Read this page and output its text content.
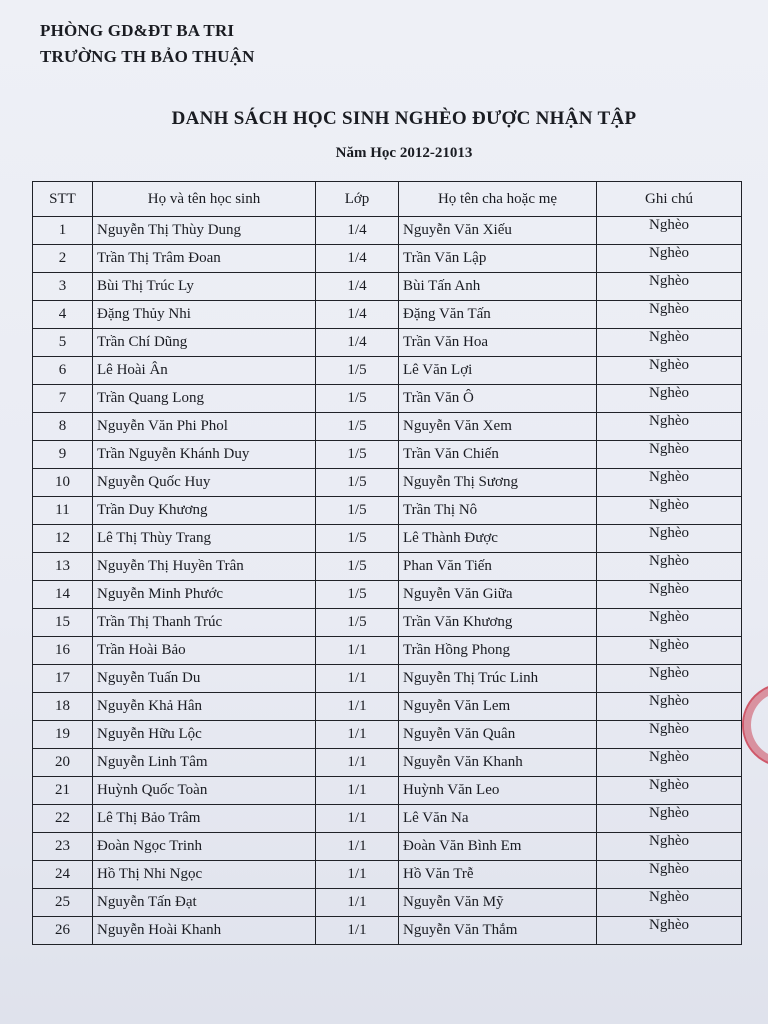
PHÒNG GD&ĐT BA TRI
TRƯỜNG TH BẢO THUẬN
DANH SÁCH HỌC SINH NGHÈO ĐƯỢC NHẬN TẬP
Năm Học 2012-21013
STT	Họ và tên học sinh	Lớp	Họ tên cha hoặc mẹ	Ghi chú
1	Nguyễn Thị Thùy Dung	1/4	Nguyễn Văn Xiếu	Nghèo
2	Trần Thị Trâm Đoan	1/4	Trần Văn Lập	Nghèo
3	Bùi Thị Trúc Ly	1/4	Bùi Tấn Anh	Nghèo
4	Đặng Thủy Nhi	1/4	Đặng Văn Tấn	Nghèo
5	Trần Chí Dũng	1/4	Trần Văn Hoa	Nghèo
6	Lê Hoài Ân	1/5	Lê Văn Lợi	Nghèo
7	Trần Quang Long	1/5	Trần Văn Ô	Nghèo
8	Nguyễn Văn Phi Phol	1/5	Nguyễn Văn Xem	Nghèo
9	Trần Nguyễn Khánh Duy	1/5	Trần Văn Chiến	Nghèo
10	Nguyễn Quốc Huy	1/5	Nguyễn Thị Sương	Nghèo
11	Trần Duy Khương	1/5	Trần Thị Nô	Nghèo
12	Lê Thị Thùy Trang	1/5	Lê Thành Được	Nghèo
13	Nguyễn Thị Huyền Trân	1/5	Phan Văn Tiến	Nghèo
14	Nguyễn Minh Phước	1/5	Nguyễn Văn Giữa	Nghèo
15	Trần Thị Thanh Trúc	1/5	Trần Văn Khương	Nghèo
16	Trần Hoài Bảo	1/1	Trần Hồng Phong	Nghèo
17	Nguyễn Tuấn Du	1/1	Nguyễn Thị Trúc Linh	Nghèo
18	Nguyễn Khả Hân	1/1	Nguyễn Văn Lem	Nghèo
19	Nguyễn Hữu Lộc	1/1	Nguyễn Văn Quân	Nghèo
20	Nguyễn Linh Tâm	1/1	Nguyễn Văn Khanh	Nghèo
21	Huỳnh Quốc Toàn	1/1	Huỳnh Văn Leo	Nghèo
22	Lê Thị Bảo Trâm	1/1	Lê Văn Na	Nghèo
23	Đoàn Ngọc Trinh	1/1	Đoàn Văn Bình Em	Nghèo
24	Hồ Thị Nhi Ngọc	1/1	Hồ Văn Trễ	Nghèo
25	Nguyễn Tấn Đạt	1/1	Nguyễn Văn Mỹ	Nghèo
26	Nguyễn Hoài Khanh	1/1	Nguyễn Văn Thắm	Nghèo
